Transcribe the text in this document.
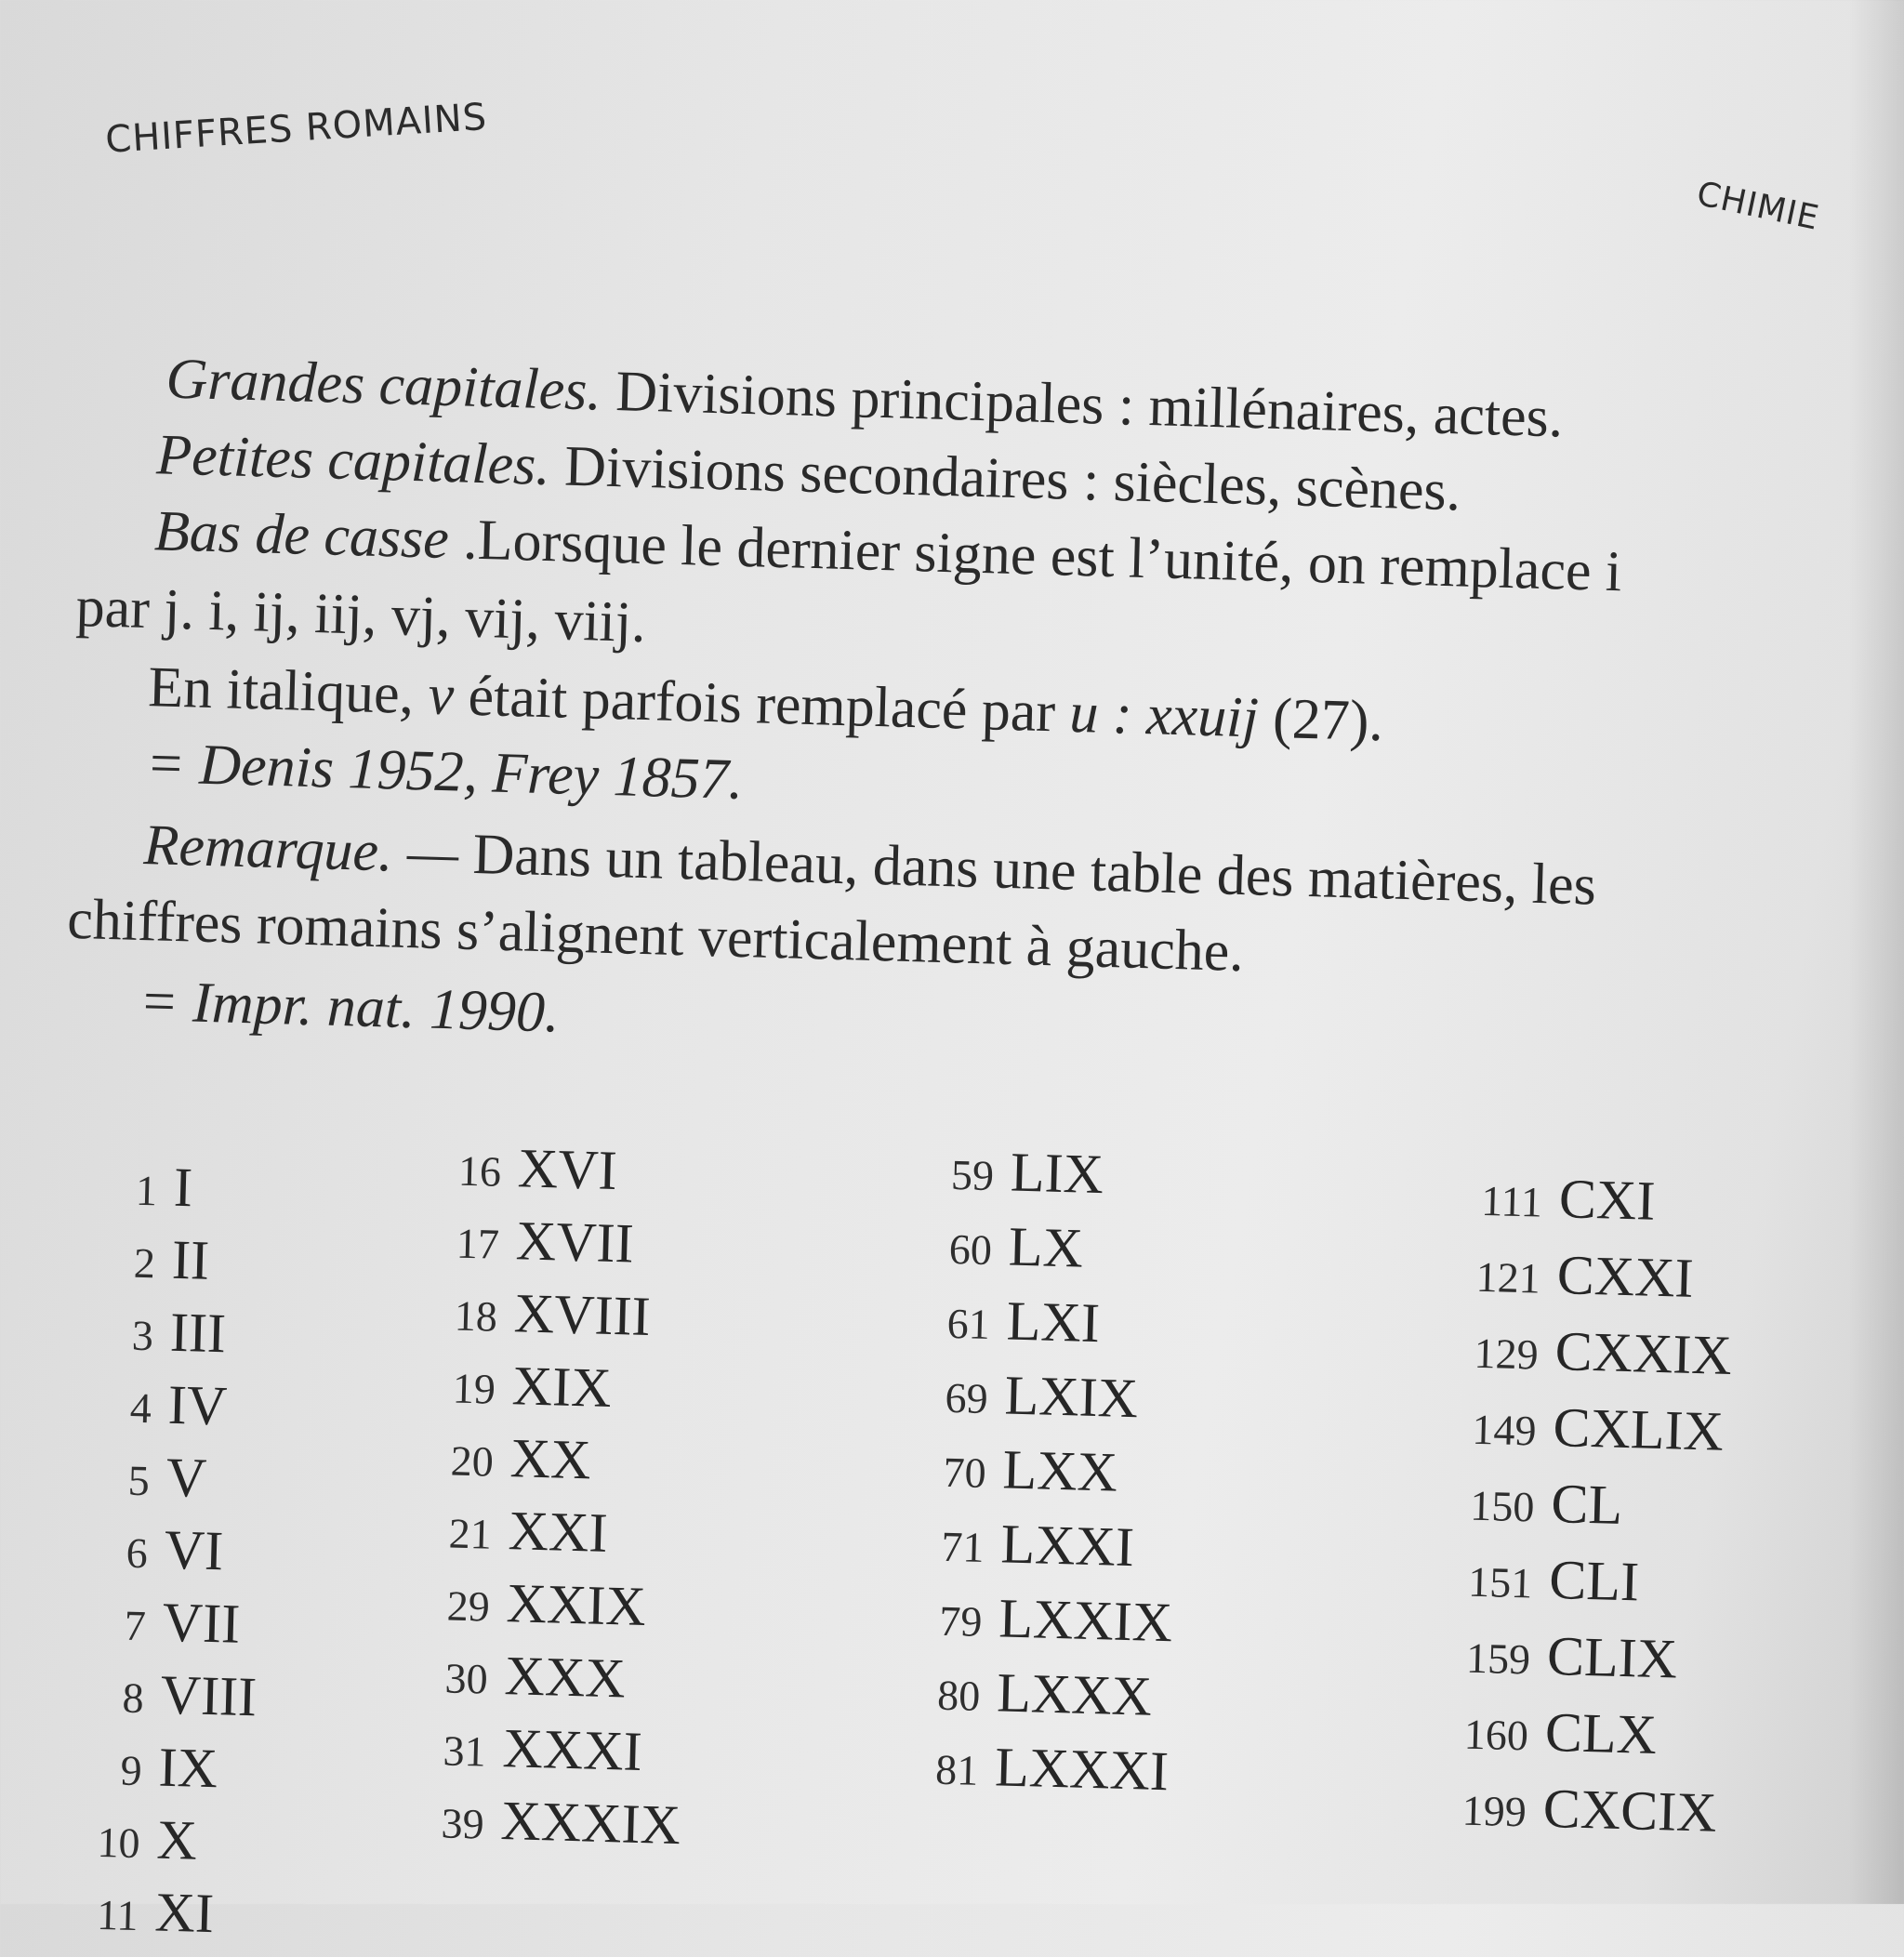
CHIFFRES ROMAINS
CHIMIE
Grandes capitales. Divisions principales : millénaires, actes.
Petites capitales. Divisions secondaires : siècles, scènes.
Bas de casse .Lorsque le dernier signe est l’unité, on remplace i
par j. i, ij, iij, vj, vij, viij.
En italique, v était parfois remplacé par u : xxuij (27).
= Denis 1952, Frey 1857.
Remarque. — Dans un tableau, dans une table des matières, les
chiffres romains s’alignent verticalement à gauche.
= Impr. nat. 1990.
1 I
2 II
3 III
4 IV
5 V
6 VI
7 VII
8 VIII
9 IX
10 X
11 XI
16 XVI
17 XVII
18 XVIII
19 XIX
20 XX
21 XXI
29 XXIX
30 XXX
31 XXXI
39 XXXIX
59 LIX
60 LX
61 LXI
69 LXIX
70 LXX
71 LXXI
79 LXXIX
80 LXXX
81 LXXXI
111 CXI
121 CXXI
129 CXXIX
149 CXLIX
150 CL
151 CLI
159 CLIX
160 CLX
199 CXCIX
